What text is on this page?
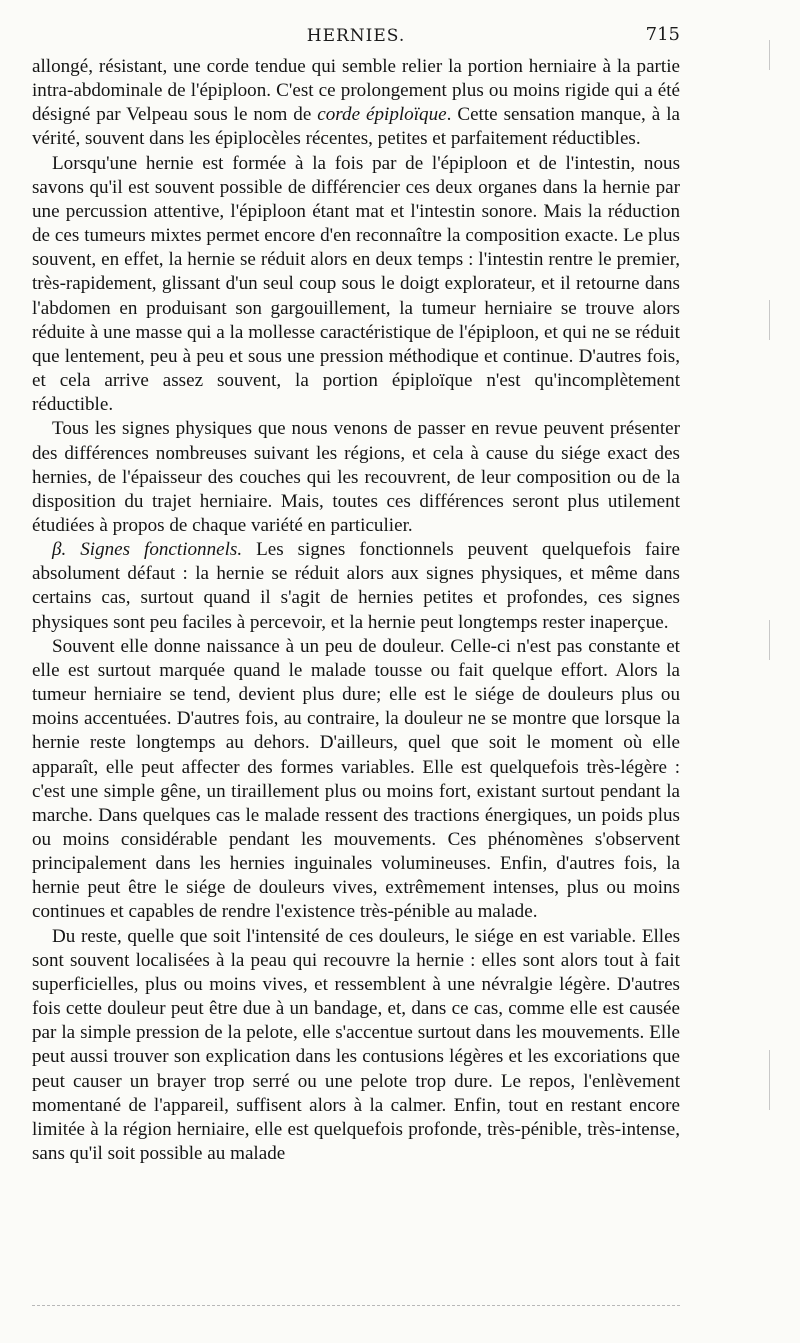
HERNIES.	715

allongé, résistant, une corde tendue qui semble relier la portion herniaire à la partie intra-abdominale de l'épiploon. C'est ce prolongement plus ou moins rigide qui a été désigné par Velpeau sous le nom de corde épiploïque. Cette sensation manque, à la vérité, souvent dans les épiplocèles récentes, petites et parfaitement réductibles.

Lorsqu'une hernie est formée à la fois par de l'épiploon et de l'intestin, nous savons qu'il est souvent possible de différencier ces deux organes dans la hernie par une percussion attentive, l'épiploon étant mat et l'intestin sonore. Mais la réduction de ces tumeurs mixtes permet encore d'en reconnaître la composition exacte. Le plus souvent, en effet, la hernie se réduit alors en deux temps : l'intestin rentre le premier, très-rapidement, glissant d'un seul coup sous le doigt explorateur, et il retourne dans l'abdomen en produisant son gargouillement, la tumeur herniaire se trouve alors réduite à une masse qui a la mollesse caractéristique de l'épiploon, et qui ne se réduit que lentement, peu à peu et sous une pression méthodique et continue. D'autres fois, et cela arrive assez souvent, la portion épiploïque n'est qu'incomplètement réductible.

Tous les signes physiques que nous venons de passer en revue peuvent présenter des différences nombreuses suivant les régions, et cela à cause du siége exact des hernies, de l'épaisseur des couches qui les recouvrent, de leur composition ou de la disposition du trajet herniaire. Mais, toutes ces différences seront plus utilement étudiées à propos de chaque variété en particulier.

β. Signes fonctionnels. Les signes fonctionnels peuvent quelquefois faire absolument défaut : la hernie se réduit alors aux signes physiques, et même dans certains cas, surtout quand il s'agit de hernies petites et profondes, ces signes physiques sont peu faciles à percevoir, et la hernie peut longtemps rester inaperçue.

Souvent elle donne naissance à un peu de douleur. Celle-ci n'est pas constante et elle est surtout marquée quand le malade tousse ou fait quelque effort. Alors la tumeur herniaire se tend, devient plus dure; elle est le siége de douleurs plus ou moins accentuées. D'autres fois, au contraire, la douleur ne se montre que lorsque la hernie reste longtemps au dehors. D'ailleurs, quel que soit le moment où elle apparaît, elle peut affecter des formes variables. Elle est quelquefois très-légère : c'est une simple gêne, un tiraillement plus ou moins fort, existant surtout pendant la marche. Dans quelques cas le malade ressent des tractions énergiques, un poids plus ou moins considérable pendant les mouvements. Ces phénomènes s'observent principalement dans les hernies inguinales volumineuses. Enfin, d'autres fois, la hernie peut être le siége de douleurs vives, extrêmement intenses, plus ou moins continues et capables de rendre l'existence très-pénible au malade.

Du reste, quelle que soit l'intensité de ces douleurs, le siége en est variable. Elles sont souvent localisées à la peau qui recouvre la hernie : elles sont alors tout à fait superficielles, plus ou moins vives, et ressemblent à une névralgie légère. D'autres fois cette douleur peut être due à un bandage, et, dans ce cas, comme elle est causée par la simple pression de la pelote, elle s'accentue surtout dans les mouvements. Elle peut aussi trouver son explication dans les contusions légères et les excoriations que peut causer un brayer trop serré ou une pelote trop dure. Le repos, l'enlèvement momentané de l'appareil, suffisent alors à la calmer. Enfin, tout en restant encore limitée à la région herniaire, elle est quelquefois profonde, très-pénible, très-intense, sans qu'il soit possible au malade
